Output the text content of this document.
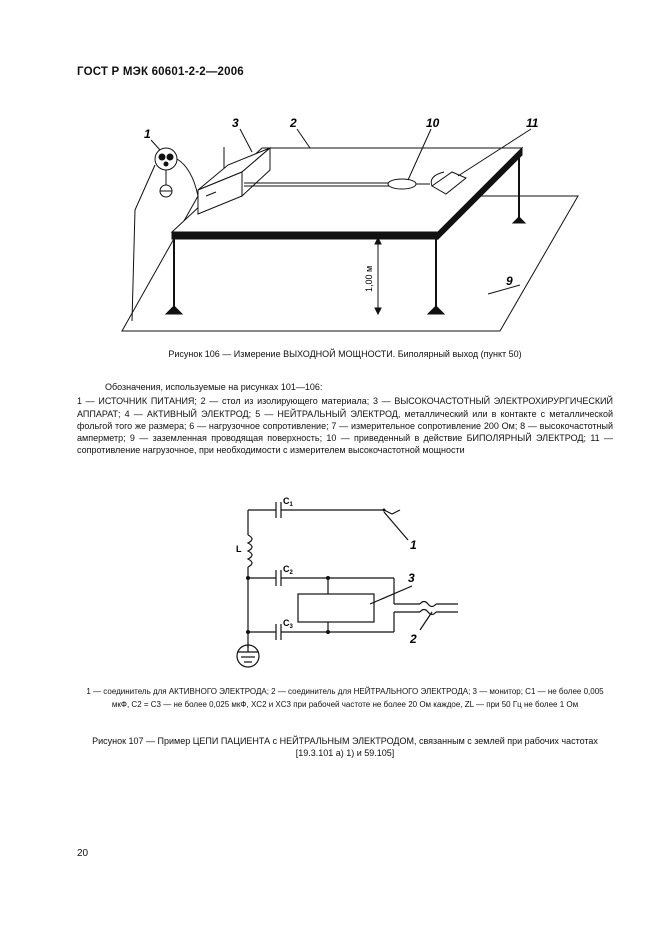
ГОСТ Р МЭК 60601-2-2—2006
1
3	2	10	11
9
1,00 м
Рисунок 106 — Измерение ВЫХОДНОЙ МОЩНОСТИ. Биполярный выход (пункт 50)

Обозначения, используемые на рисунках 101—106:

1 — ИСТОЧНИК ПИТАНИЯ; 2 — стол из изолирующего материала; 3 — ВЫСОКОЧАСТОТНЫЙ ЭЛЕКТРОХИРУРГИЧЕСКИЙ АППАРАТ; 4 — АКТИВНЫЙ ЭЛЕКТРОД; 5 — НЕЙТРАЛЬНЫЙ ЭЛЕКТРОД, металлический или в контакте с металлической фольгой того же размера; 6 — нагрузочное сопротивление; 7 — измерительное сопротивление 200 Ом; 8 — высокочастотный амперметр; 9 — заземленная проводящая поверхность; 10 — приведенный в действие БИПОЛЯРНЫЙ ЭЛЕКТРОД; 11 — сопротивление нагрузочное, при необходимости с измерителем высокочастотной мощности

$C_1$
$C_2$
$C_3$
L	1
3
2
1 — соединитель для АКТИВНОГО ЭЛЕКТРОДА; 2 — соединитель для НЕЙТРАЛЬНОГО ЭЛЕКТРОДА; 3 — монитор; C1 — не более 0,005 мкФ, C2 = C3 — не более 0,025 мкФ, XC2 и XC3 при рабочей частоте не более 20 Ом каждое, ZL — при 50 Гц не более 1 Ом
Рисунок 107 — Пример ЦЕПИ ПАЦИЕНТА с НЕЙТРАЛЬНЫМ ЭЛЕКТРОДОМ, связанным с землей при рабочих частотах [19.3.101 а) 1) и 59.105]
20
